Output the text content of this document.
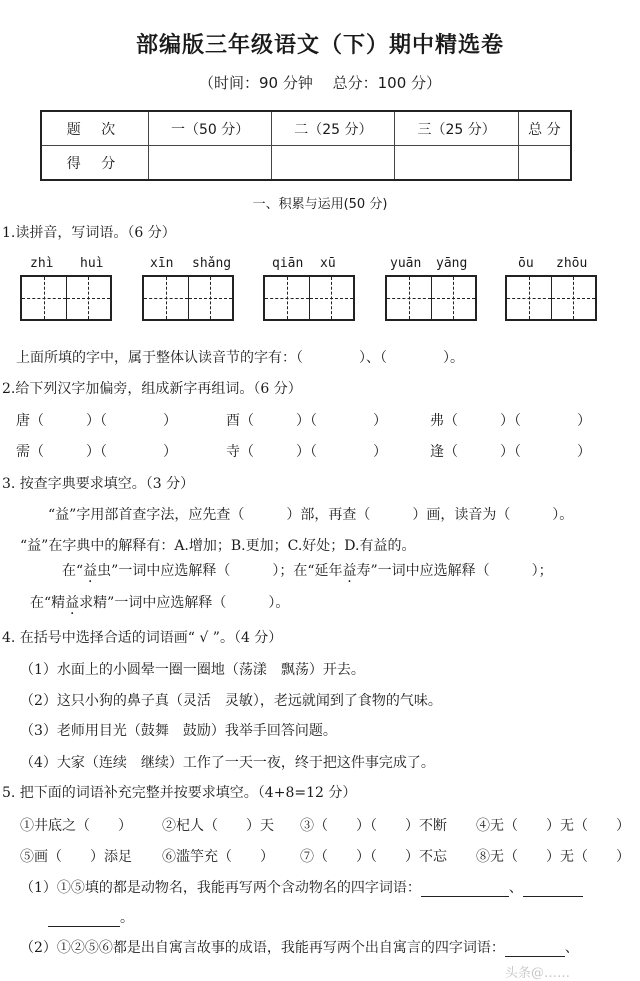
部编版三年级语文（下）期中精选卷
（时间：90 分钟　 总分：100 分）
题 次	一（50 分）	二（25 分）	三（25 分）	总 分
得 分				
一、积累与运用(50 分)
1.读拼音，写词语。（6 分）
zhì huì	xīn shǎng	qiān xū	yuān yāng	ōu zhōu
上面所填的字中，属于整体认读音节的字有：（　　　　）、（　　　　）。
2.给下列汉字加偏旁，组成新字再组词。（6 分）
唐（　　　）（　　　　）	酉（　　　）（　　　　）	弗（　　　）（　　　　）
需（　　　）（　　　　）	寺（　　　）（　　　　）	逢（　　　）（　　　　）
3. 按查字典要求填空。（3 分）
“益”字用部首查字法，应先查（　　　）部，再查（　　　）画，读音为（　　　）。
“益”在字典中的解释有：A.增加；B.更加；C.好处；D.有益的。
在“益虫”一词中应选解释（　　　）；在“延年益寿”一词中应选解释（　　　）；
在“精益求精”一词中应选解释（　　　）。
4. 在括号中选择合适的词语画“ √ ”。（4 分）
（1）水面上的小圆晕一圈一圈地（荡漾　飘荡）开去。
（2）这只小狗的鼻子真（灵活　灵敏），老远就闻到了食物的气味。
（3）老师用目光（鼓舞　鼓励）我举手回答问题。
（4）大家（连续　继续）工作了一天一夜，终于把这件事完成了。
5. 把下面的词语补充完整并按要求填空。（4+8=12 分）
①井底之（　　） ②杞人（　　）天 ③（　　）（　　）不断 ④无（　　）无（　　）
⑤画（　　）添足 ⑥滥竽充（　　） ⑦（　　）（　　）不忘 ⑧无（　　）无（　　）
（1）①⑤填的都是动物名，我能再写两个含动物名的四字词语：	、
。
（2）①②⑤⑥都是出自寓言故事的成语，我能再写两个出自寓言的四字词语：	、
头条@……
